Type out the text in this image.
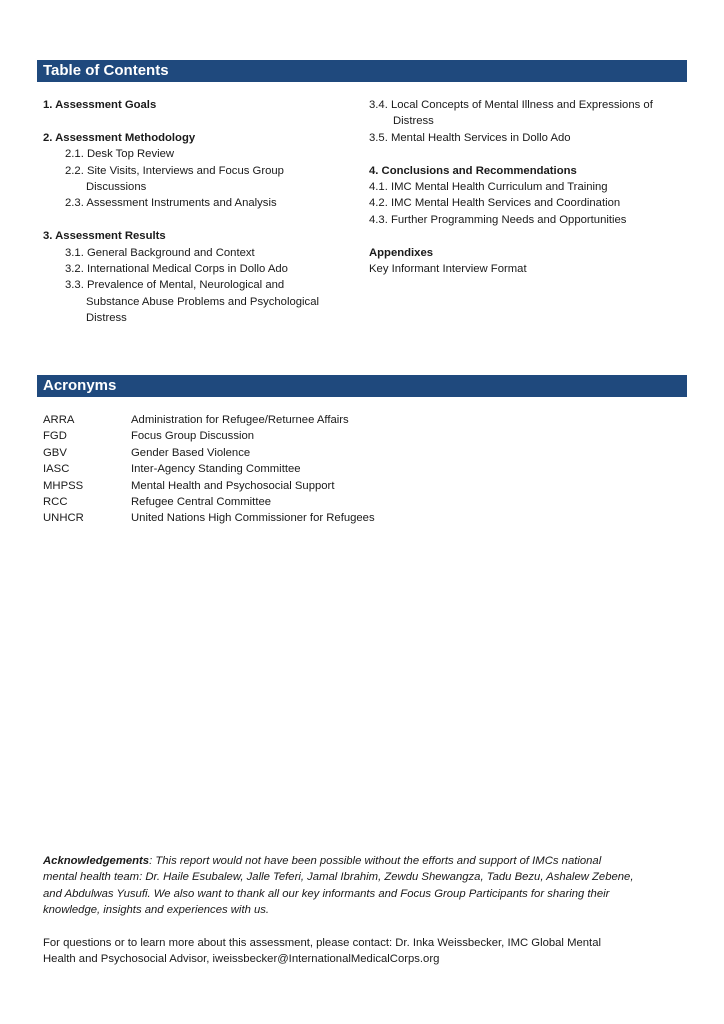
Table of Contents
1. Assessment Goals
2. Assessment Methodology
2.1. Desk Top Review
2.2. Site Visits, Interviews and Focus Group
Discussions
2.3. Assessment Instruments and Analysis
3. Assessment Results
3.1. General Background and Context
3.2. International Medical Corps in Dollo Ado
3.3. Prevalence of Mental, Neurological and
Substance Abuse Problems and Psychological
Distress
3.4. Local Concepts of Mental Illness and Expressions of
Distress
3.5. Mental Health Services in Dollo Ado
4. Conclusions and Recommendations
4.1. IMC Mental Health Curriculum and Training
4.2. IMC Mental Health Services and Coordination
4.3. Further Programming Needs and Opportunities
Appendixes
Key Informant Interview Format
Acronyms
ARRA	Administration for Refugee/Returnee Affairs
FGD	Focus Group Discussion
GBV	Gender Based Violence
IASC	Inter-Agency Standing Committee
MHPSS	Mental Health and Psychosocial Support
RCC	Refugee Central Committee
UNHCR	United Nations High Commissioner for Refugees
Acknowledgements: This report would not have been possible without the efforts and support of IMCs national
mental health team: Dr. Haile Esubalew, Jalle Teferi, Jamal Ibrahim, Zewdu Shewangza, Tadu Bezu, Ashalew Zebene,
and Abdulwas Yusufi. We also want to thank all our key informants and Focus Group Participants for sharing their
knowledge, insights and experiences with us.
For questions or to learn more about this assessment, please contact: Dr. Inka Weissbecker, IMC Global Mental
Health and Psychosocial Advisor, iweissbecker@InternationalMedicalCorps.org
